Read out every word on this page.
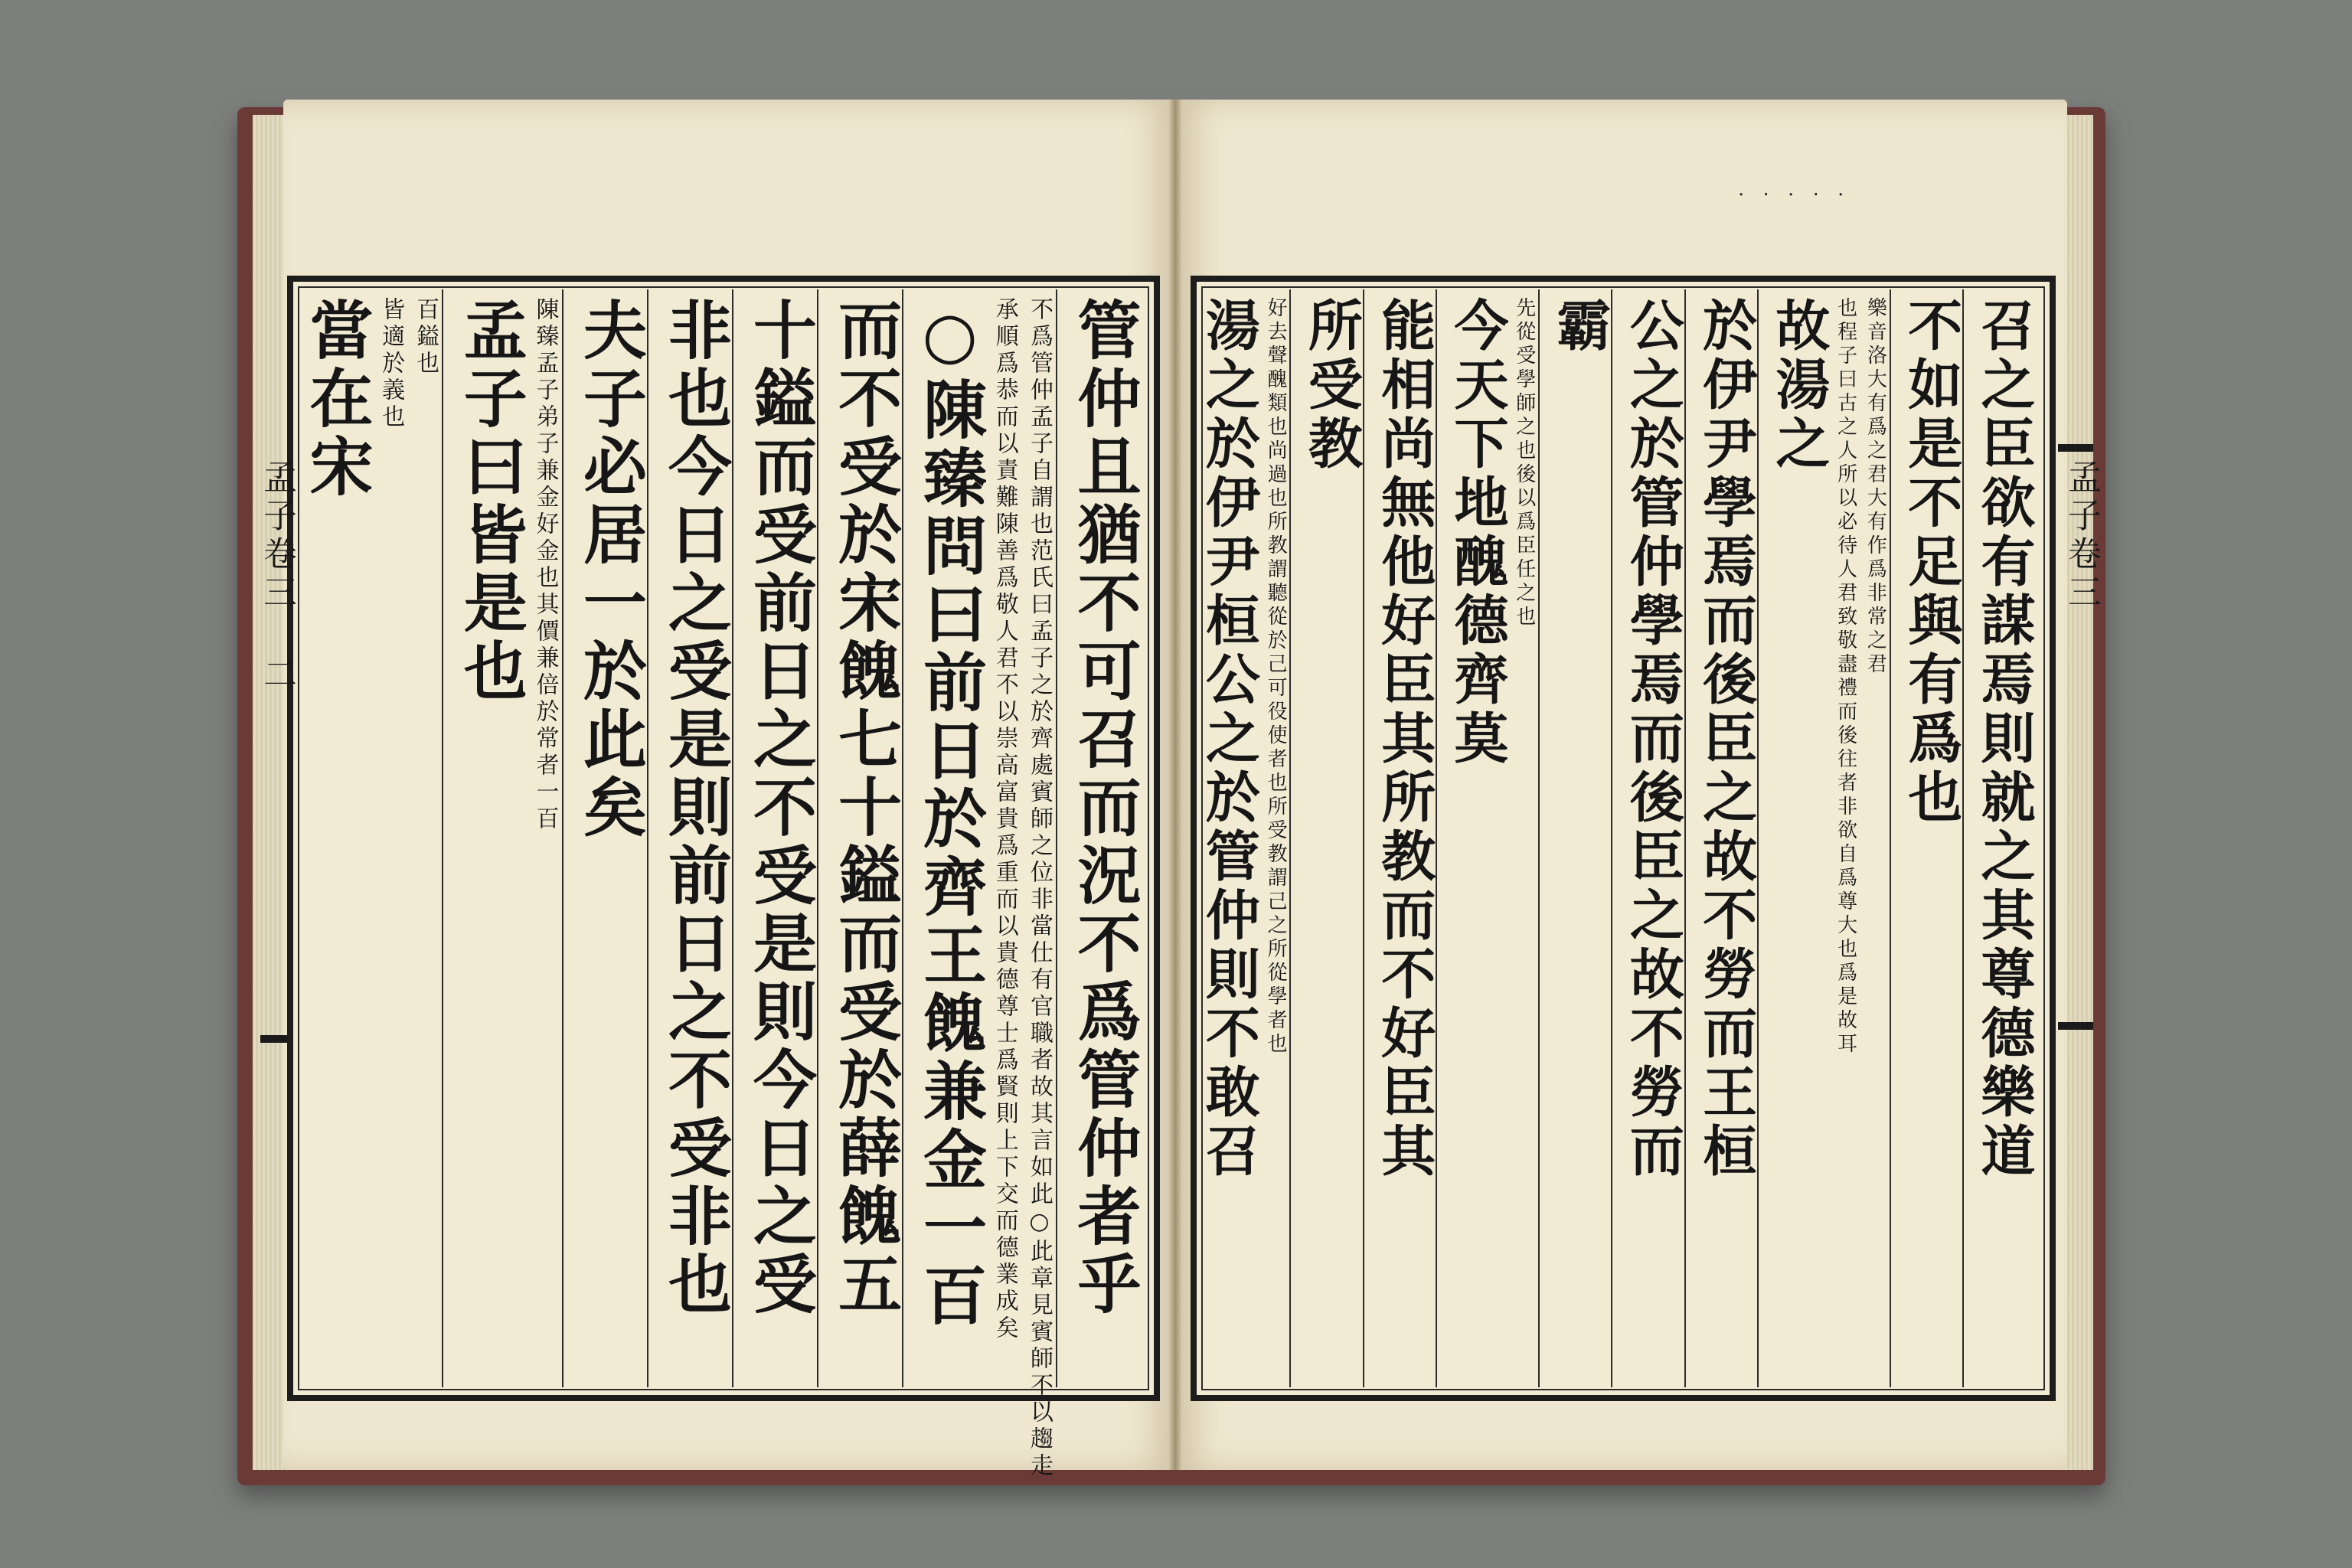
管仲且猶不可召而況不爲管仲者乎
不爲管仲孟子自謂也范氏曰孟子之於齊處賓師之位非當仕有官職者故其言如此○此章見賓師不以趨走
承順爲恭而以責難陳善爲敬人君不以崇高富貴爲重而以貴德尊士爲賢則上下交而德業成矣
○陳臻問曰前日於齊王餽兼金一百
而不受於宋餽七十鎰而受於薛餽五
十鎰而受前日之不受是則今日之受
非也今日之受是則前日之不受非也
夫子必居一於此矣
陳臻孟子弟子兼金好金也其價兼倍於常者一百
孟子曰皆是也
百鎰也
皆適於義也
當在宋
孟子卷三 二	召之臣欲有謀焉則就之其尊德樂道
不如是不足與有爲也
樂音洛大有爲之君大有作爲非常之君
也程子曰古之人所以必待人君致敬盡禮而後往者非欲自爲尊大也爲是故耳
故湯之
於伊尹學焉而後臣之故不勞而王桓
公之於管仲學焉而後臣之故不勞而
霸
先從受學師之也後以爲臣任之也
今天下地醜德齊莫
能相尚無他好臣其所教而不好臣其
所受教
好去聲醜類也尚過也所教謂聽從於己可役使者也所受教謂己之所從學者也
湯之於伊尹桓公之於管仲則不敢召	孟子卷三
· ‧ · ‧ ·
